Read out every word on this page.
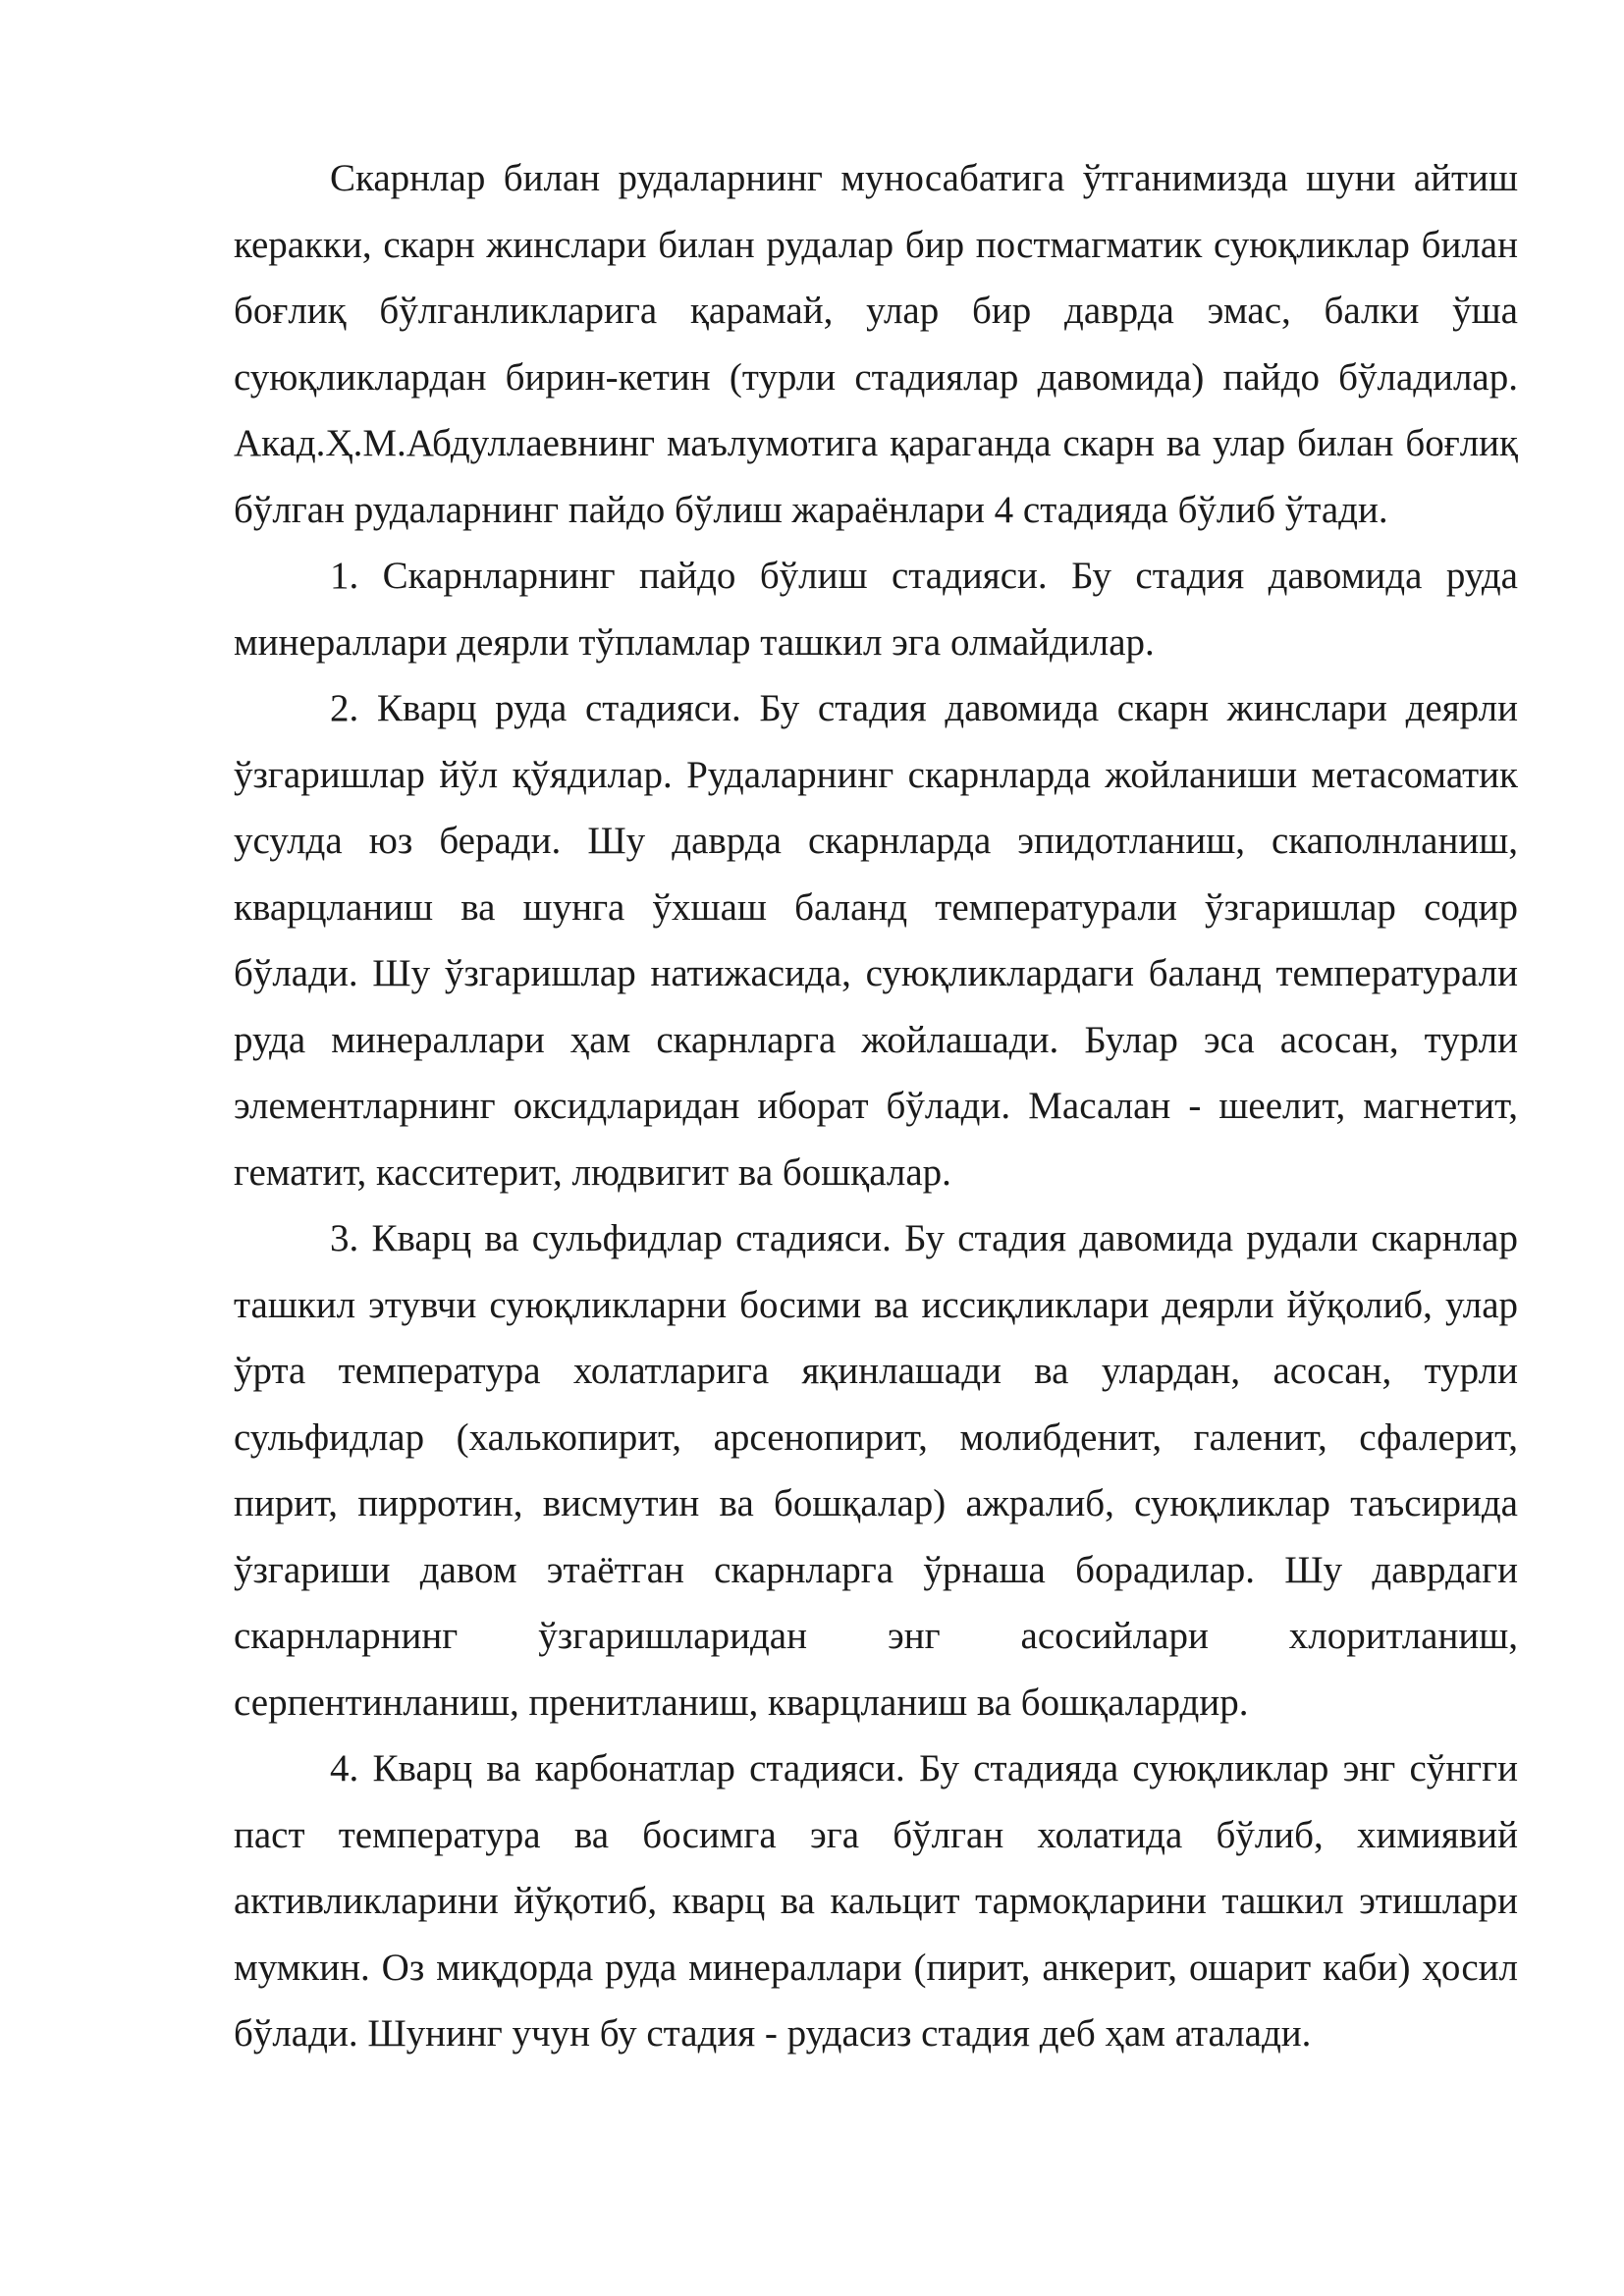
Скарнлар билан рудаларнинг муносабатига ўтганимизда шуни айтиш керакки, скарн жинслари билан рудалар бир постмагматик суюқликлар билан боғлиқ бўлганликларига қарамай, улар бир даврда эмас, балки ўша суюқликлардан бирин-кетин (турли стадиялар давомида) пайдо бўладилар. Акад.Ҳ.М.Абдуллаевнинг маълумотига қараганда скарн ва улар билан боғлиқ бўлган рудаларнинг пайдо бўлиш жараёнлари 4 стадияда бўлиб ўтади.

1. Скарнларнинг пайдо бўлиш стадияси. Бу стадия давомида руда минераллари деярли тўпламлар ташкил эга олмайдилар.

2. Кварц руда стадияси. Бу стадия давомида скарн жинслари деярли ўзгаришлар йўл қўядилар. Рудаларнинг скарнларда жойланиши метасоматик усулда юз беради. Шу даврда скарнларда эпидотланиш, скаполнланиш, кварцланиш ва шунга ўхшаш баланд температурали ўзгаришлар содир бўлади. Шу ўзгаришлар натижасида, суюқликлардаги баланд температурали руда минераллари ҳам скарнларга жойлашади. Булар эса асосан, турли элементларнинг оксидларидан иборат бўлади. Масалан - шеелит, магнетит, гематит, касситерит, людвигит ва бошқалар.

3. Кварц ва сульфидлар стадияси. Бу стадия давомида рудали скарнлар ташкил этувчи суюқликларни босими ва иссиқликлари деярли йўқолиб, улар ўрта температура холатларига яқинлашади ва улардан, асосан, турли сульфидлар (халькопирит, арсенопирит, молибденит, галенит, сфалерит, пирит, пирротин, висмутин ва бошқалар) ажралиб, суюқликлар таъсирида ўзгариши давом этаётган скарнларга ўрнаша борадилар. Шу даврдаги скарнларнинг ўзгаришларидан энг асосийлари хлоритланиш, серпентинланиш, пренитланиш, кварцланиш ва бошқалардир.

4. Кварц ва карбонатлар стадияси. Бу стадияда суюқликлар энг сўнгги паст температура ва босимга эга бўлган холатида бўлиб, химиявий активликларини йўқотиб, кварц ва кальцит тармоқларини ташкил этишлари мумкин. Оз миқдорда руда минераллари (пирит, анкерит, ошарит каби) ҳосил бўлади. Шунинг учун бу стадия - рудасиз стадия деб ҳам аталади.
